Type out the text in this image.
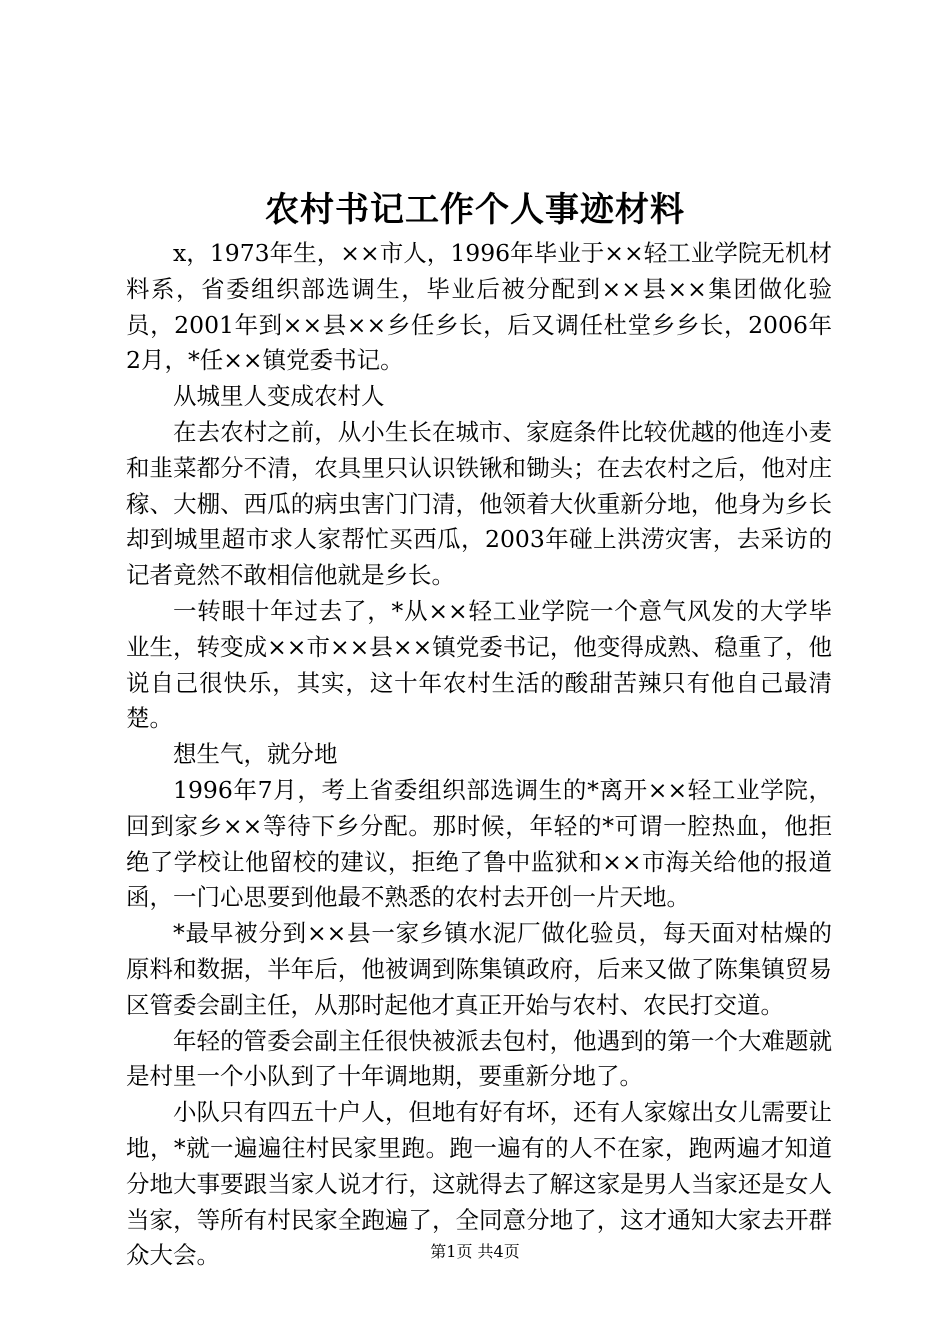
农村书记工作个人事迹材料

x，1973年生，××市人，1996年毕业于××轻工业学院无机材料系，省委组织部选调生，毕业后被分配到××县××集团做化验员，2001年到××县××乡任乡长，后又调任杜堂乡乡长，2006年2月，*任××镇党委书记。

从城里人变成农村人

在去农村之前，从小生长在城市、家庭条件比较优越的他连小麦和韭菜都分不清，农具里只认识铁锹和锄头；在去农村之后，他对庄稼、大棚、西瓜的病虫害门门清，他领着大伙重新分地，他身为乡长却到城里超市求人家帮忙买西瓜，2003年碰上洪涝灾害，去采访的记者竟然不敢相信他就是乡长。

一转眼十年过去了，*从××轻工业学院一个意气风发的大学毕业生，转变成××市××县××镇党委书记，他变得成熟、稳重了，他说自己很快乐，其实，这十年农村生活的酸甜苦辣只有他自己最清楚。

想生气，就分地

1996年7月，考上省委组织部选调生的*离开××轻工业学院，回到家乡××等待下乡分配。那时候，年轻的*可谓一腔热血，他拒绝了学校让他留校的建议，拒绝了鲁中监狱和××市海关给他的报道函，一门心思要到他最不熟悉的农村去开创一片天地。

*最早被分到××县一家乡镇水泥厂做化验员，每天面对枯燥的原料和数据，半年后，他被调到陈集镇政府，后来又做了陈集镇贸易区管委会副主任，从那时起他才真正开始与农村、农民打交道。

年轻的管委会副主任很快被派去包村，他遇到的第一个大难题就是村里一个小队到了十年调地期，要重新分地了。

小队只有四五十户人，但地有好有坏，还有人家嫁出女儿需要让地，*就一遍遍往村民家里跑。跑一遍有的人不在家，跑两遍才知道分地大事要跟当家人说才行，这就得去了解这家是男人当家还是女人当家，等所有村民家全跑遍了，全同意分地了，这才通知大家去开群众大会。	第1页 共4页
